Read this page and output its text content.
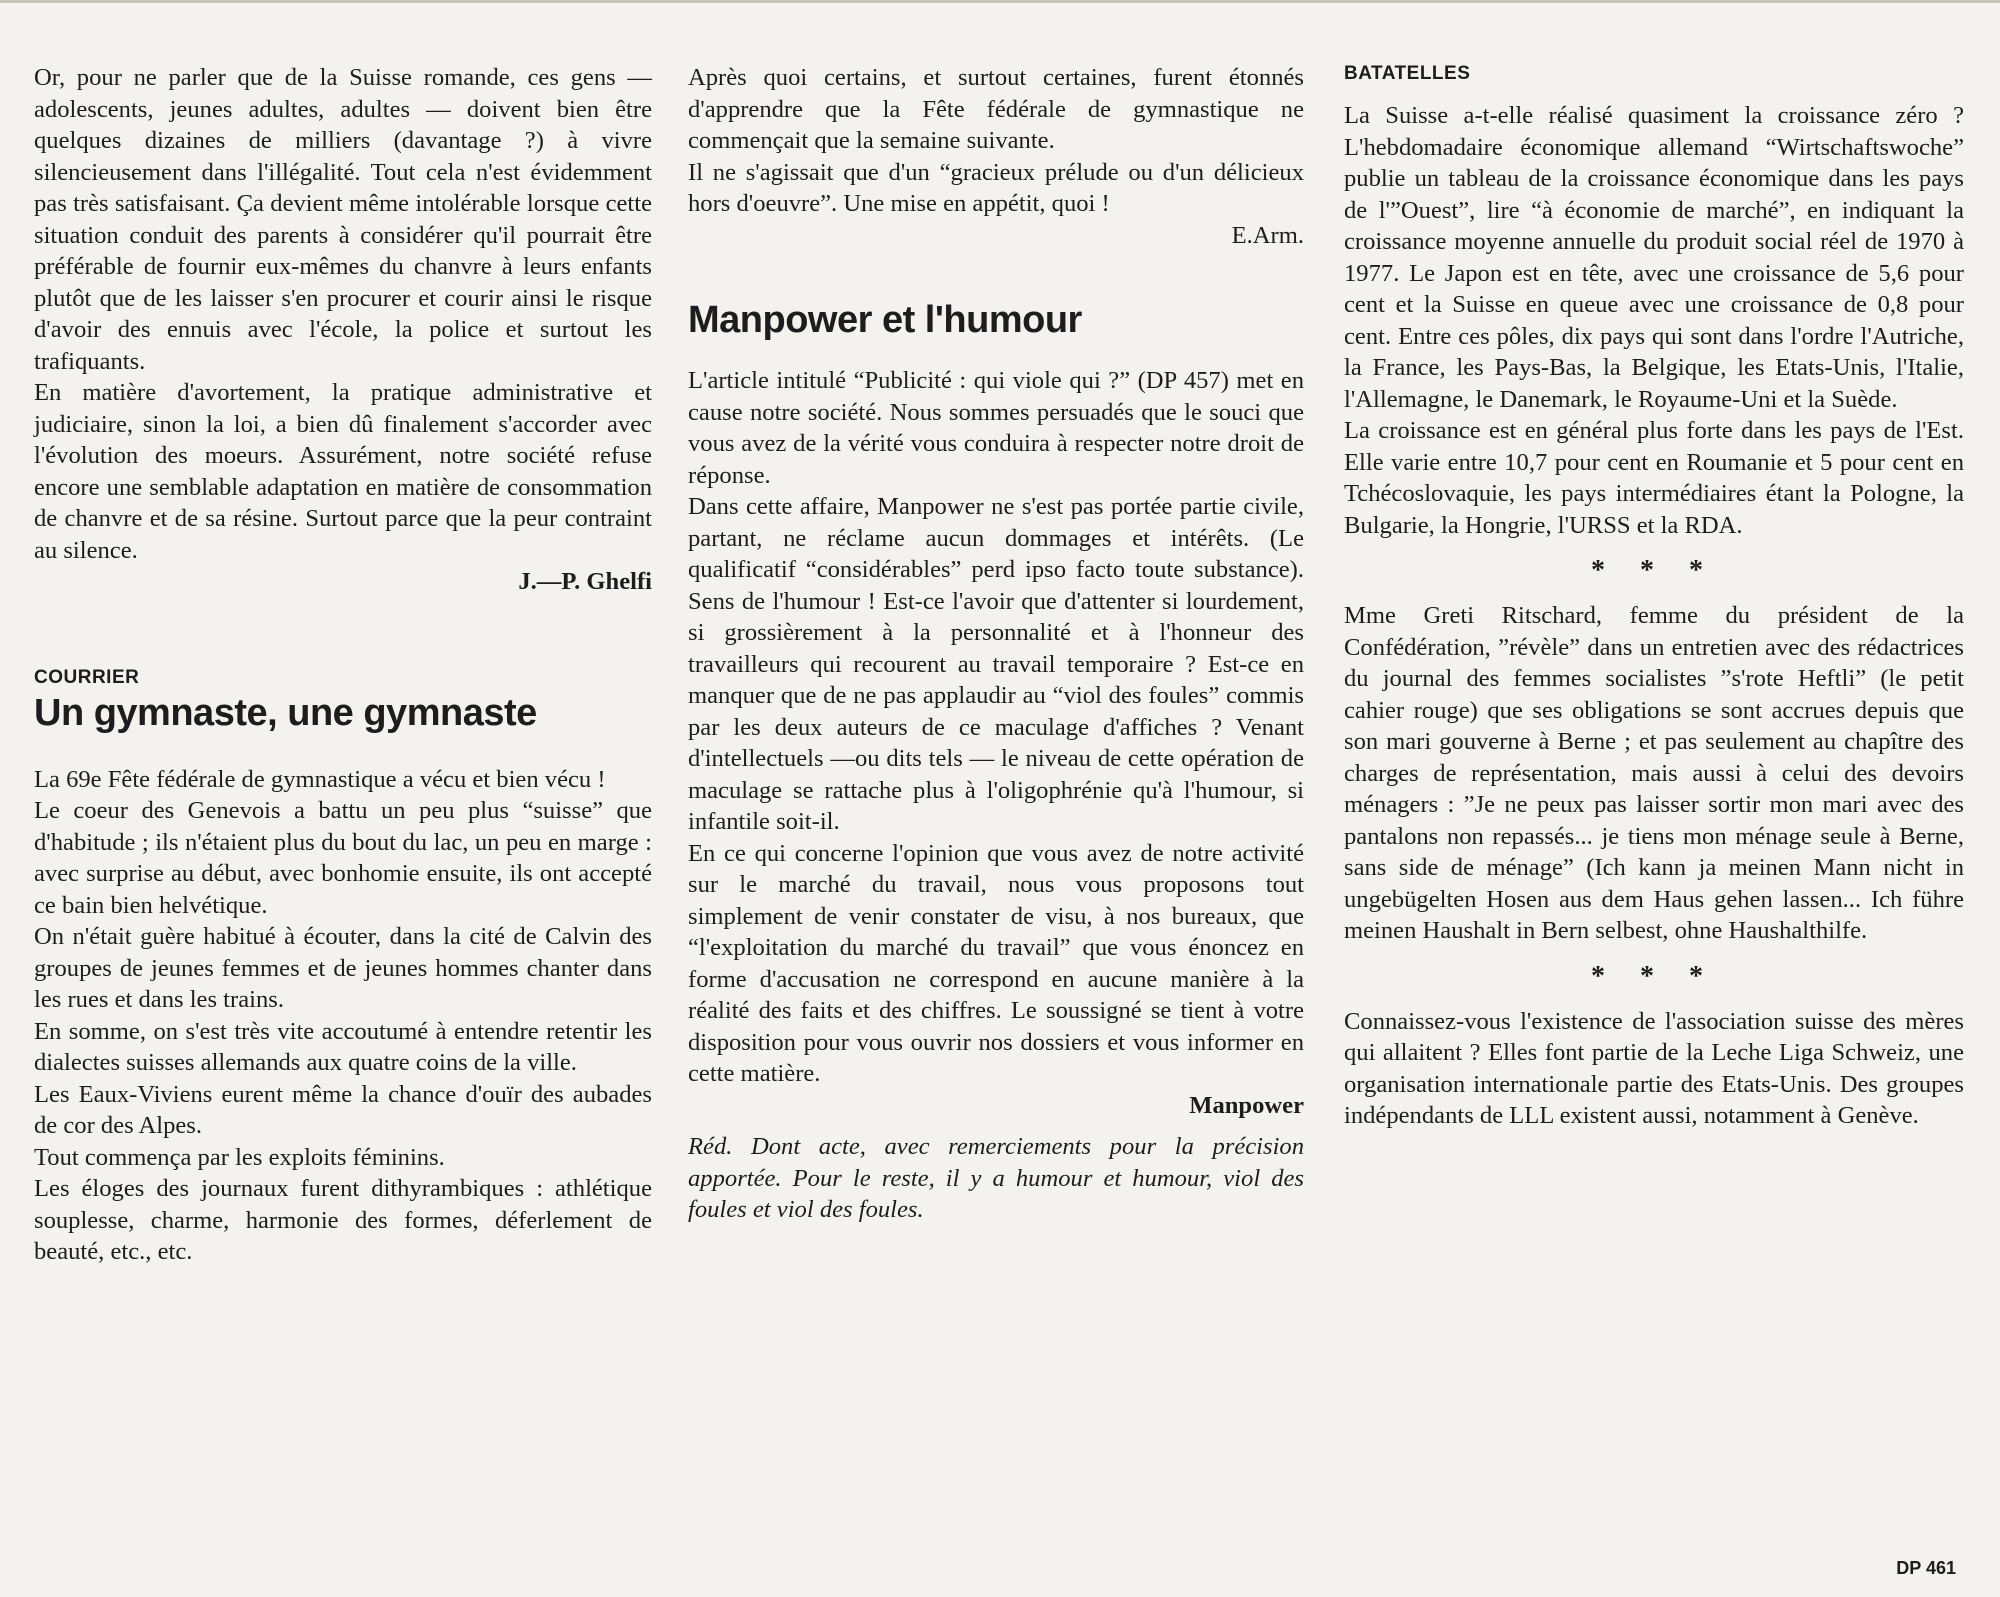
Or, pour ne parler que de la Suisse romande, ces gens — adolescents, jeunes adultes, adultes — doivent bien être quelques dizaines de milliers (davantage ?) à vivre silencieusement dans l'illégalité. Tout cela n'est évidemment pas très satisfaisant. Ça devient même intolérable lorsque cette situation conduit des parents à considérer qu'il pourrait être préférable de fournir eux-mêmes du chanvre à leurs enfants plutôt que de les laisser s'en procurer et courir ainsi le risque d'avoir des ennuis avec l'école, la police et surtout les trafiquants.

En matière d'avortement, la pratique administrative et judiciaire, sinon la loi, a bien dû finalement s'accorder avec l'évolution des moeurs. Assurément, notre société refuse encore une semblable adaptation en matière de consommation de chanvre et de sa résine. Surtout parce que la peur contraint au silence.

J.—P. Ghelfi
COURRIER
Un gymnaste, une gymnaste

La 69e Fête fédérale de gymnastique a vécu et bien vécu !

Le coeur des Genevois a battu un peu plus “suisse” que d'habitude ; ils n'étaient plus du bout du lac, un peu en marge : avec surprise au début, avec bonhomie ensuite, ils ont accepté ce bain bien helvétique.

On n'était guère habitué à écouter, dans la cité de Calvin des groupes de jeunes femmes et de jeunes hommes chanter dans les rues et dans les trains.

En somme, on s'est très vite accoutumé à entendre retentir les dialectes suisses allemands aux quatre coins de la ville.

Les Eaux-Viviens eurent même la chance d'ouïr des aubades de cor des Alpes.

Tout commença par les exploits féminins.

Les éloges des journaux furent dithyrambiques : athlétique souplesse, charme, harmonie des formes, déferlement de beauté, etc., etc.

Après quoi certains, et surtout certaines, furent étonnés d'apprendre que la Fête fédérale de gymnastique ne commençait que la semaine suivante.

Il ne s'agissait que d'un “gracieux prélude ou d'un délicieux hors d'oeuvre”. Une mise en appétit, quoi !

E.Arm.
Manpower et l'humour

L'article intitulé “Publicité : qui viole qui ?” (DP 457) met en cause notre société. Nous sommes persuadés que le souci que vous avez de la vérité vous conduira à respecter notre droit de réponse.

Dans cette affaire, Manpower ne s'est pas portée partie civile, partant, ne réclame aucun dommages et intérêts. (Le qualificatif “considérables” perd ipso facto toute substance). Sens de l'humour ! Est-ce l'avoir que d'attenter si lourdement, si grossièrement à la personnalité et à l'honneur des travailleurs qui recourent au travail temporaire ? Est-ce en manquer que de ne pas applaudir au “viol des foules” commis par les deux auteurs de ce maculage d'affiches ? Venant d'intellectuels —ou dits tels — le niveau de cette opération de maculage se rattache plus à l'oligophrénie qu'à l'humour, si infantile soit-il.

En ce qui concerne l'opinion que vous avez de notre activité sur le marché du travail, nous vous proposons tout simplement de venir constater de visu, à nos bureaux, que “l'exploitation du marché du travail” que vous énoncez en forme d'accusation ne correspond en aucune manière à la réalité des faits et des chiffres. Le soussigné se tient à votre disposition pour vous ouvrir nos dossiers et vous informer en cette matière.

Manpower

Réd. Dont acte, avec remerciements pour la précision apportée. Pour le reste, il y a humour et humour, viol des foules et viol des foules.

BATATELLES

La Suisse a-t-elle réalisé quasiment la croissance zéro ? L'hebdomadaire économique allemand “Wirtschaftswoche” publie un tableau de la croissance économique dans les pays de l'”Ouest”, lire “à économie de marché”, en indiquant la croissance moyenne annuelle du produit social réel de 1970 à 1977. Le Japon est en tête, avec une croissance de 5,6 pour cent et la Suisse en queue avec une croissance de 0,8 pour cent. Entre ces pôles, dix pays qui sont dans l'ordre l'Autriche, la France, les Pays-Bas, la Belgique, les Etats-Unis, l'Italie, l'Allemagne, le Danemark, le Royaume-Uni et la Suède.

La croissance est en général plus forte dans les pays de l'Est. Elle varie entre 10,7 pour cent en Roumanie et 5 pour cent en Tchécoslovaquie, les pays intermédiaires étant la Pologne, la Bulgarie, la Hongrie, l'URSS et la RDA.

* * *

Mme Greti Ritschard, femme du président de la Confédération, ”révèle” dans un entretien avec des rédactrices du journal des femmes socialistes ”s'rote Heftli” (le petit cahier rouge) que ses obligations se sont accrues depuis que son mari gouverne à Berne ; et pas seulement au chapître des charges de représentation, mais aussi à celui des devoirs ménagers : ”Je ne peux pas laisser sortir mon mari avec des pantalons non repassés... je tiens mon ménage seule à Berne, sans side de ménage” (Ich kann ja meinen Mann nicht in ungebügelten Hosen aus dem Haus gehen lassen... Ich führe meinen Haushalt in Bern selbest, ohne Haushalthilfe.

* * *

Connaissez-vous l'existence de l'association suisse des mères qui allaitent ? Elles font partie de la Leche Liga Schweiz, une organisation internationale partie des Etats-Unis. Des groupes indépendants de LLL existent aussi, notamment à Genève.

DP 461
